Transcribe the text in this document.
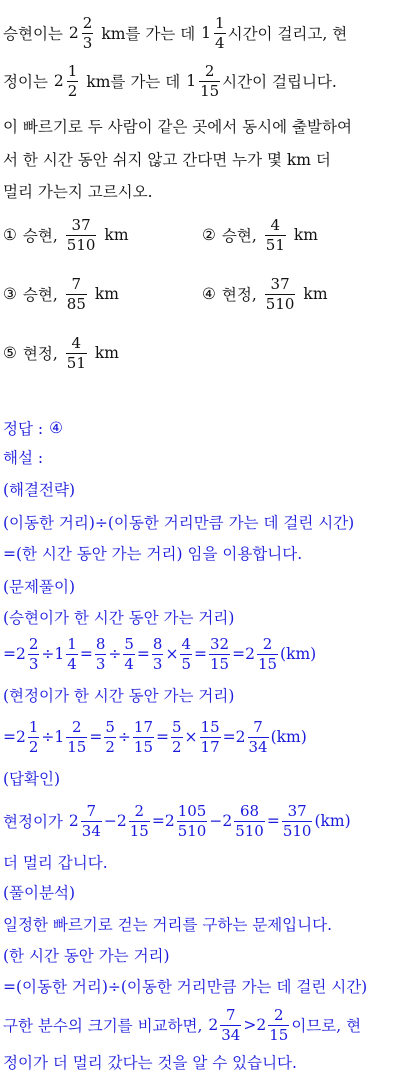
승현이는 $2 \frac{2}{3}$ km를 가는 데 $1 \frac{1}{4}$ 시간이 걸리고, 현
정이는 $2 \frac{1}{2}$ km를 가는 데 $1 \frac{2}{15}$ 시간이 걸립니다.
이 빠르기로 두 사람이 같은 곳에서 동시에 출발하여
서 한 시간 동안 쉬지 않고 간다면 누가 몇 km 더
멀리 가는지 고르시오.
① 승현, $\frac{37}{510}$ km	② 승현, $\frac{4}{51}$ km
③ 승현, $\frac{7}{85}$ km	④ 현정, $\frac{37}{510}$ km
⑤ 현정, $\frac{4}{51}$ km
정답 : ④
해설 :
(해결전략)
(이동한 거리)÷(이동한 거리만큼 가는 데 걸린 시간)
=(한 시간 동안 가는 거리) 임을 이용합니다.
(문제풀이)
(승현이가 한 시간 동안 가는 거리)
$=2 \frac{2}{3} \div 1 \frac{1}{4} = \frac{8}{3} \div \frac{5}{4} = \frac{8}{3} \times \frac{4}{5} = \frac{32}{15} =2 \frac{2}{15} (km)$
(현정이가 한 시간 동안 가는 거리)
$=2 \frac{1}{2} \div 1 \frac{2}{15} = \frac{5}{2} \div \frac{17}{15} = \frac{5}{2} \times \frac{15}{17} =2 \frac{7}{34} (km)$
(답확인)
현정이가 $2 \frac{7}{34} -2 \frac{2}{15} =2 \frac{105}{510} -2 \frac{68}{510} = \frac{37}{510} (km)$
더 멀리 갑니다.
(풀이분석)
일정한 빠르기로 걷는 거리를 구하는 문제입니다.
(한 시간 동안 가는 거리)
=(이동한 거리)÷(이동한 거리만큼 가는 데 걸린 시간)
구한 분수의 크기를 비교하면, $2 \frac{7}{34} >2 \frac{2}{15}$ 이므로, 현
정이가 더 멀리 갔다는 것을 알 수 있습니다.
